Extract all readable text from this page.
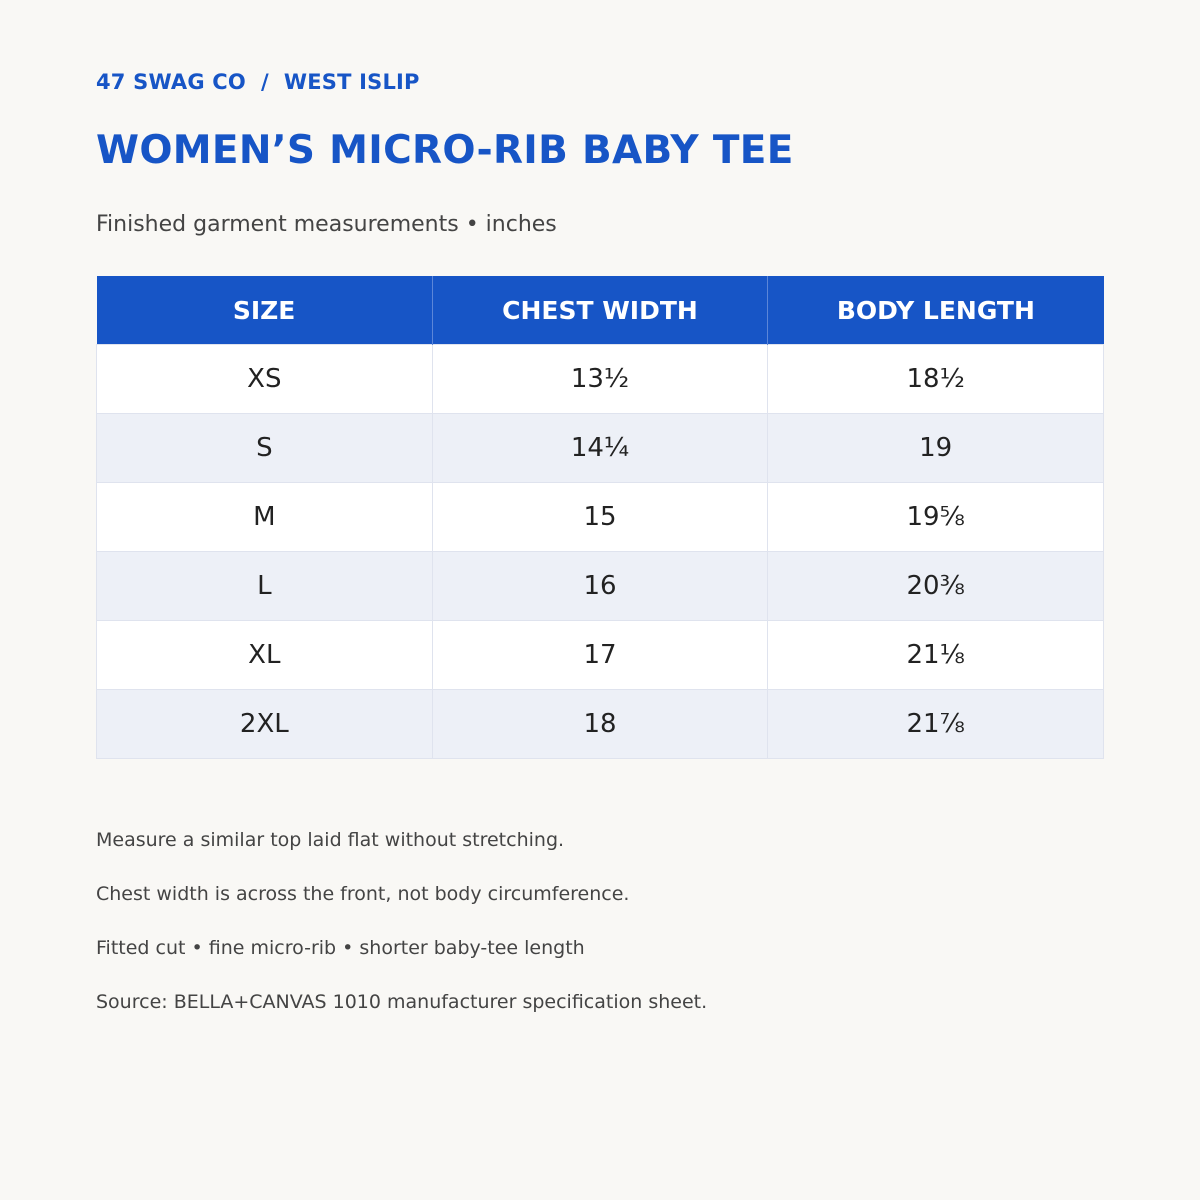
47 SWAG CO  /  WEST ISLIP
WOMEN’S MICRO-RIB BABY TEE
Finished garment measurements • inches
SIZE	CHEST WIDTH	BODY LENGTH
XS	13½	18½
S	14¼	19
M	15	19⅝
L	16	20⅜
XL	17	21⅛
2XL	18	21⅞
Measure a similar top laid flat without stretching.
Chest width is across the front, not body circumference.
Fitted cut • fine micro-rib • shorter baby-tee length
Source: BELLA+CANVAS 1010 manufacturer specification sheet.
